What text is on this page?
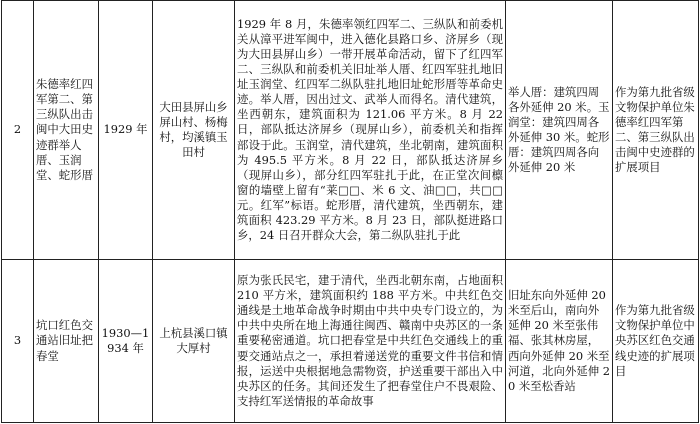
2	朱德率红四军第二、第三纵队出击闽中大田史迹群举人厝、玉润堂、蛇形厝	1929 年	大田县屏山乡屏山村、杨梅村，均溪镇玉田村	1929 年 8 月，朱德率领红四军二、三纵队和前委机关从漳平进军闽中，进入德化县路口乡、济屏乡（现为大田县屏山乡）一带开展革命活动，留下了红四军二、三纵队和前委机关旧址举人厝、红四军驻扎地旧址玉润堂、红四军二纵队驻扎地旧址蛇形厝等革命史迹。举人厝，因出过文、武举人而得名。清代建筑，坐西朝东，建筑面积为 121.06 平方米。8 月 22 日，部队抵达济屏乡（现屏山乡），前委机关和指挥部设于此。玉润堂，清代建筑，坐北朝南，建筑面积为 495.5 平方米。8 月 22 日，部队抵达济屏乡（现屏山乡），部分红四军驻扎于此，在正堂次间檩窗的墙壁上留有“莱□□、米 6 文、油□□，共□□元。红军”标语。蛇形厝，清代建筑，坐西朝东，建筑面积 423.29 平方米。8 月 23 日，部队挺进路口乡，24 日召开群众大会，第二纵队驻扎于此	举人厝：建筑四周各外延伸 20 米。玉润堂：建筑四周各外延伸 30 米。蛇形厝：建筑四周各向外延伸 20 米	作为第九批省级文物保护单位朱德率红四军第二、第三纵队出击闽中史迹群的扩展项目
3	坑口红色交通站旧址把春堂	1930—1934 年	上杭县溪口镇大厚村	原为张氏民宅，建于清代，坐西北朝东南，占地面积 210 平方米，建筑面积约 188 平方米。中共红色交通线是土地革命战争时期由中共中央专门设立的，为中共中央所在地上海通往闽西、赣南中央苏区的一条重要秘密通道。坑口把春堂是中共红色交通线上的重要交通站点之一，承担着递送党的重要文件书信和情报，运送中央根据地急需物资，护送重要干部出入中央苏区的任务。其间还发生了把春堂住户不畏艰险、支持红军送情报的革命故事	旧址东向外延伸 20 米至后山，南向外延伸 20 米至张伟福、张其林房屋，西向外延伸 20 米至河道，北向外延伸 20 米至松香站	作为第九批省级文物保护单位中央苏区红色交通线史迹的扩展项目
